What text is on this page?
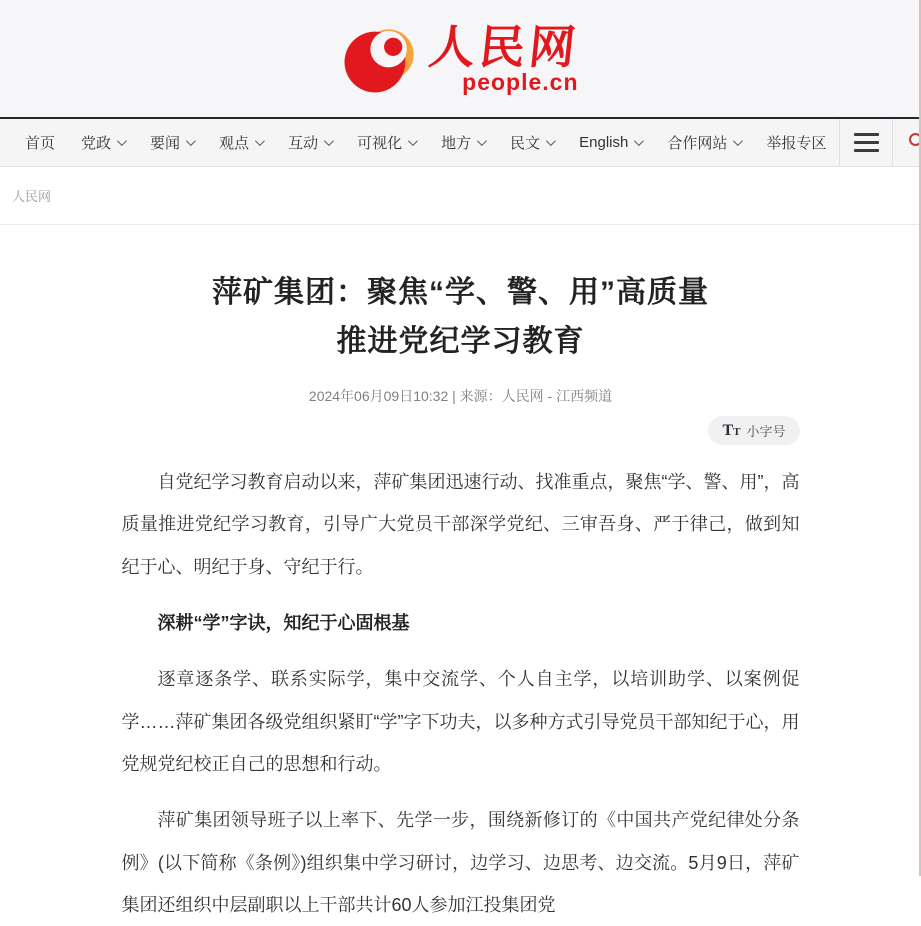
人民网
people.cn
首页 党政	要闻	观点	互动	可视化	地方	民文	English	合作网站	举报专区
人民网
萍矿集团：聚焦“学、警、用”高质量
推进党纪学习教育
2024年06月09日10:32 | 来源：人民网 - 江西频道
TT 小字号

自党纪学习教育启动以来，萍矿集团迅速行动、找准重点，聚焦“学、警、用”，高质量推进党纪学习教育，引导广大党员干部深学党纪、三审吾身、严于律己，做到知纪于心、明纪于身、守纪于行。

深耕“学”字诀，知纪于心固根基

逐章逐条学、联系实际学，集中交流学、个人自主学，以培训助学、以案例促学……萍矿集团各级党组织紧盯“学”字下功夫，以多种方式引导党员干部知纪于心，用党规党纪校正自己的思想和行动。

萍矿集团领导班子以上率下、先学一步，围绕新修订的《中国共产党纪律处分条例》(以下简称《条例》)组织集中学习研讨，边学习、边思考、边交流。5月9日，萍矿集团还组织中层副职以上干部共计60人参加江投集团党
